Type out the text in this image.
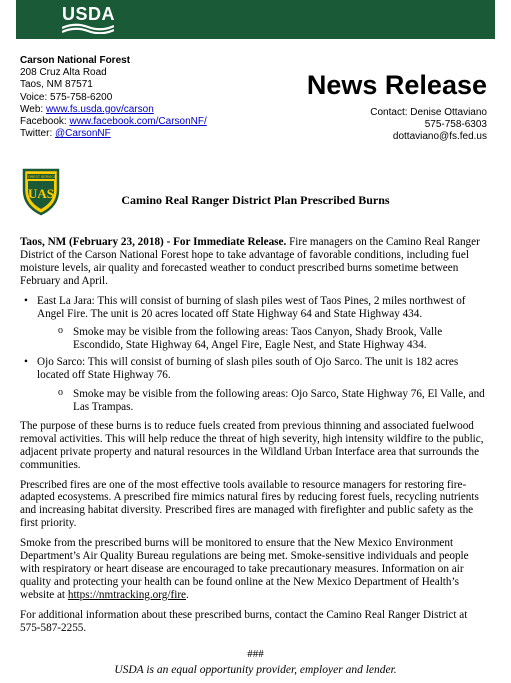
USDA
Carson National Forest
208 Cruz Alta Road
Taos, NM 87571
Voice: 575-758-6200
Web: www.fs.usda.gov/carson
Facebook: www.facebook.com/CarsonNF/
Twitter: @CarsonNF
News Release
Contact: Denise Ottaviano
575-758-6303
dottaviano@fs.fed.us
UAS
FOREST SERVICE
Camino Real Ranger District Plan Prescribed Burns

Taos, NM (February 23, 2018) - For Immediate Release. Fire managers on the Camino Real Ranger District of the Carson National Forest hope to take advantage of favorable conditions, including fuel moisture levels, air quality and forecasted weather to conduct prescribed burns sometime between February and April.

• East La Jara: This will consist of burning of slash piles west of Taos Pines, 2 miles northwest of Angel Fire. The unit is 20 acres located off State Highway 64 and State Highway 434.
o Smoke may be visible from the following areas: Taos Canyon, Shady Brook, Valle Escondido, State Highway 64, Angel Fire, Eagle Nest, and State Highway 434.
• Ojo Sarco: This will consist of burning of slash piles south of Ojo Sarco. The unit is 182 acres located off State Highway 76.
o Smoke may be visible from the following areas: Ojo Sarco, State Highway 76, El Valle, and Las Trampas.

The purpose of these burns is to reduce fuels created from previous thinning and associated fuelwood removal activities. This will help reduce the threat of high severity, high intensity wildfire to the public, adjacent private property and natural resources in the Wildland Urban Interface area that surrounds the communities.

Prescribed fires are one of the most effective tools available to resource managers for restoring fire-adapted ecosystems. A prescribed fire mimics natural fires by reducing forest fuels, recycling nutrients and increasing habitat diversity. Prescribed fires are managed with firefighter and public safety as the first priority.

Smoke from the prescribed burns will be monitored to ensure that the New Mexico Environment Department’s Air Quality Bureau regulations are being met. Smoke-sensitive individuals and people with respiratory or heart disease are encouraged to take precautionary measures. Information on air quality and protecting your health can be found online at the New Mexico Department of Health’s website at https://nmtracking.org/fire.

For additional information about these prescribed burns, contact the Camino Real Ranger District at 575-587-2255.

###
USDA is an equal opportunity provider, employer and lender.
